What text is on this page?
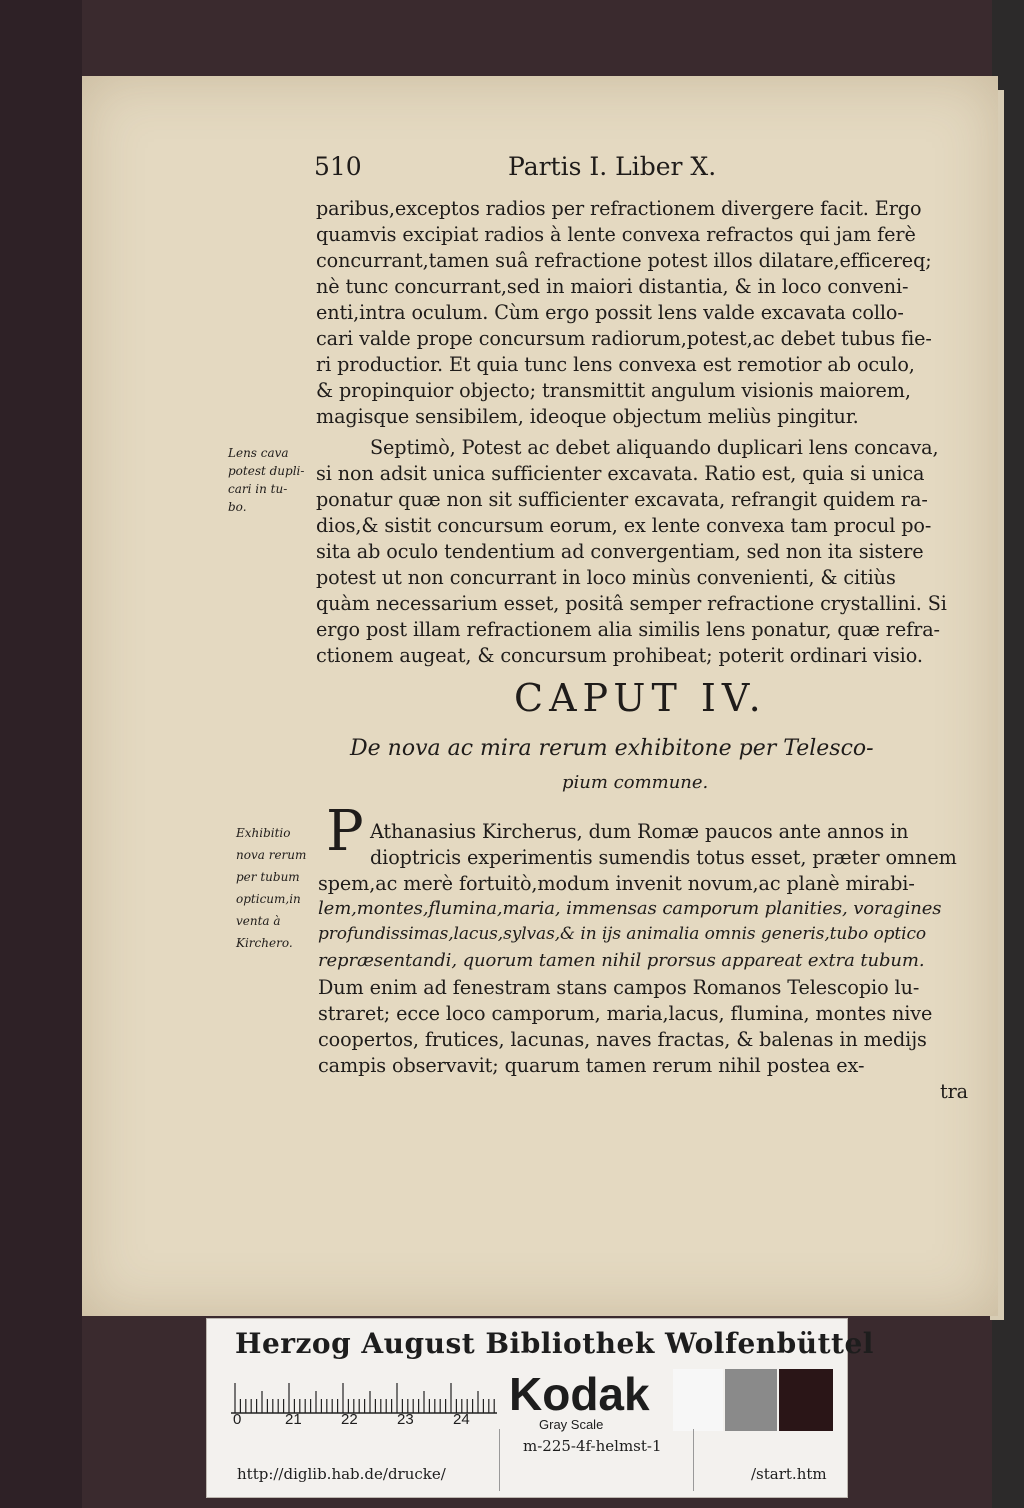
510	Partis I. Liber X.
paribus,exceptos radios per refractionem divergere facit. Ergo
quamvis excipiat radios à lente convexa refractos qui jam ferè
concurrant,tamen suâ refractione potest illos dilatare,efficereq;
nè tunc concurrant,sed in maiori distantia, & in loco conveni-
enti,intra oculum. Cùm ergo possit lens valde excavata collo-
cari valde prope concursum radiorum,potest,ac debet tubus fie-
ri productior. Et quia tunc lens convexa est remotior ab oculo,
& propinquior objecto; transmittit angulum visionis maiorem,
magisque sensibilem, ideoque objectum meliùs pingitur.
Septimò, Potest ac debet aliquando duplicari lens concava,
si non adsit unica sufficienter excavata. Ratio est, quia si unica
ponatur quæ non sit sufficienter excavata, refrangit quidem ra-
dios,& sistit concursum eorum, ex lente convexa tam procul po-
sita ab oculo tendentium ad convergentiam, sed non ita sistere
potest ut non concurrant in loco minùs convenienti, & citiùs
quàm necessarium esset, positâ semper refractione crystallini. Si
ergo post illam refractionem alia similis lens ponatur, quæ refra-
ctionem augeat, & concursum prohibeat; poterit ordinari visio.
Lens cava
potest dupli-
cari in tu-
bo.
CAPUT IV.
De nova ac mira rerum exhibitone per Telesco-
pium commune.
P Athanasius Kircherus, dum Romæ paucos ante annos in
dioptricis experimentis sumendis totus esset, præter omnem
spem,ac merè fortuitò,modum invenit novum,ac planè mirabi-
lem,montes,flumina,maria, immensas camporum planities, voragines
profundissimas,lacus,sylvas,& in ijs animalia omnis generis,tubo optico
repræsentandi, quorum tamen nihil prorsus appareat extra tubum.
Dum enim ad fenestram stans campos Romanos Telescopio lu-
straret; ecce loco camporum, maria,lacus, flumina, montes nive
coopertos, frutices, lacunas, naves fractas, & balenas in medijs
campis observavit; quarum tamen rerum nihil postea ex-
tra
Exhibitio
nova rerum
per tubum
opticum,in
venta à
Kirchero.
Herzog August Bibliothek Wolfenbüttel
0	21	22	23	24 Kodak
Gray Scale
m-225-4f-helmst-1
http://diglib.hab.de/drucke/	/start.htm
